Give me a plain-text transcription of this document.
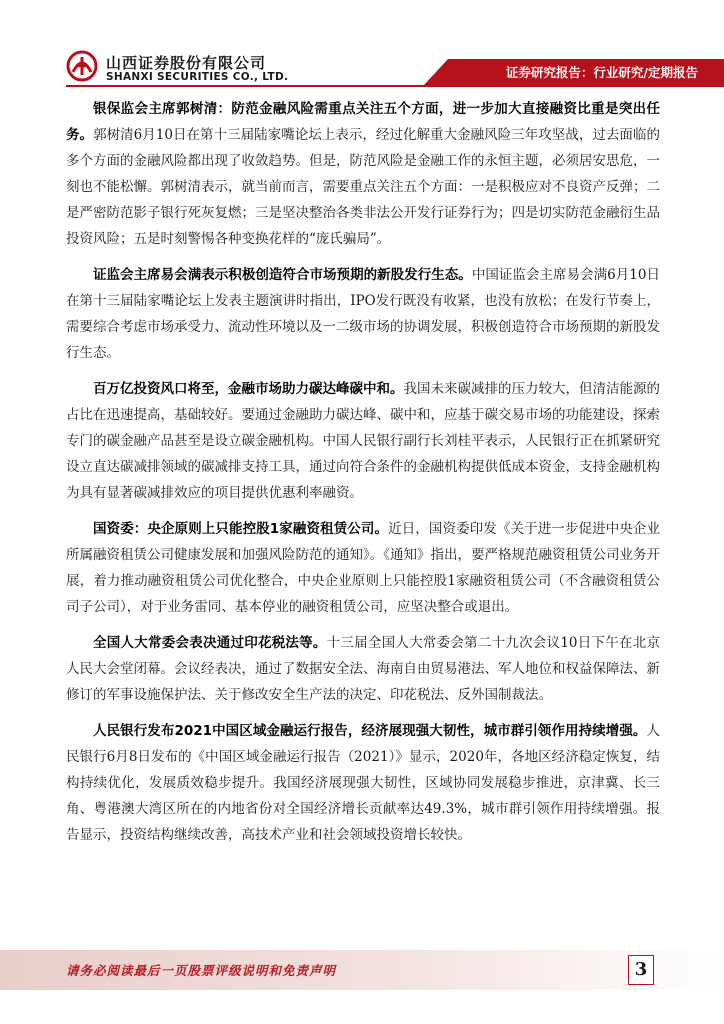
山西证券股份有限公司
SHANXI SECURITIES CO., LTD.	证券研究报告：行业研究/定期报告

银保监会主席郭树清：防范金融风险需重点关注五个方面，进一步加大直接融资比重是突出任务。郭树清6月10日在第十三届陆家嘴论坛上表示，经过化解重大金融风险三年攻坚战，过去面临的多个方面的金融风险都出现了收敛趋势。但是，防范风险是金融工作的永恒主题，必须居安思危，一刻也不能松懈。郭树清表示，就当前而言，需要重点关注五个方面：一是积极应对不良资产反弹；二是严密防范影子银行死灰复燃；三是坚决整治各类非法公开发行证券行为；四是切实防范金融衍生品投资风险；五是时刻警惕各种变换花样的“庞氏骗局”。

证监会主席易会满表示积极创造符合市场预期的新股发行生态。中国证监会主席易会满6月10日在第十三届陆家嘴论坛上发表主题演讲时指出，IPO发行既没有收紧，也没有放松；在发行节奏上，需要综合考虑市场承受力、流动性环境以及一二级市场的协调发展，积极创造符合市场预期的新股发行生态。

百万亿投资风口将至，金融市场助力碳达峰碳中和。我国未来碳减排的压力较大，但清洁能源的占比在迅速提高，基础较好。要通过金融助力碳达峰、碳中和，应基于碳交易市场的功能建设，探索专门的碳金融产品甚至是设立碳金融机构。中国人民银行副行长刘桂平表示，人民银行正在抓紧研究设立直达碳减排领域的碳减排支持工具，通过向符合条件的金融机构提供低成本资金，支持金融机构为具有显著碳减排效应的项目提供优惠利率融资。

国资委：央企原则上只能控股1家融资租赁公司。近日，国资委印发《关于进一步促进中央企业所属融资租赁公司健康发展和加强风险防范的通知》。《通知》指出，要严格规范融资租赁公司业务开展，着力推动融资租赁公司优化整合，中央企业原则上只能控股1家融资租赁公司（不含融资租赁公司子公司），对于业务雷同、基本停业的融资租赁公司，应坚决整合或退出。

全国人大常委会表决通过印花税法等。十三届全国人大常委会第二十九次会议10日下午在北京人民大会堂闭幕。会议经表决，通过了数据安全法、海南自由贸易港法、军人地位和权益保障法、新修订的军事设施保护法、关于修改安全生产法的决定、印花税法、反外国制裁法。

人民银行发布2021中国区域金融运行报告，经济展现强大韧性，城市群引领作用持续增强。人民银行6月8日发布的《中国区域金融运行报告（2021）》显示，2020年，各地区经济稳定恢复，结构持续优化，发展质效稳步提升。我国经济展现强大韧性，区域协同发展稳步推进，京津冀、长三角、粤港澳大湾区所在的内地省份对全国经济增长贡献率达49.3%，城市群引领作用持续增强。报告显示，投资结构继续改善，高技术产业和社会领域投资增长较快。

请务必阅读最后一页股票评级说明和免责声明	3
